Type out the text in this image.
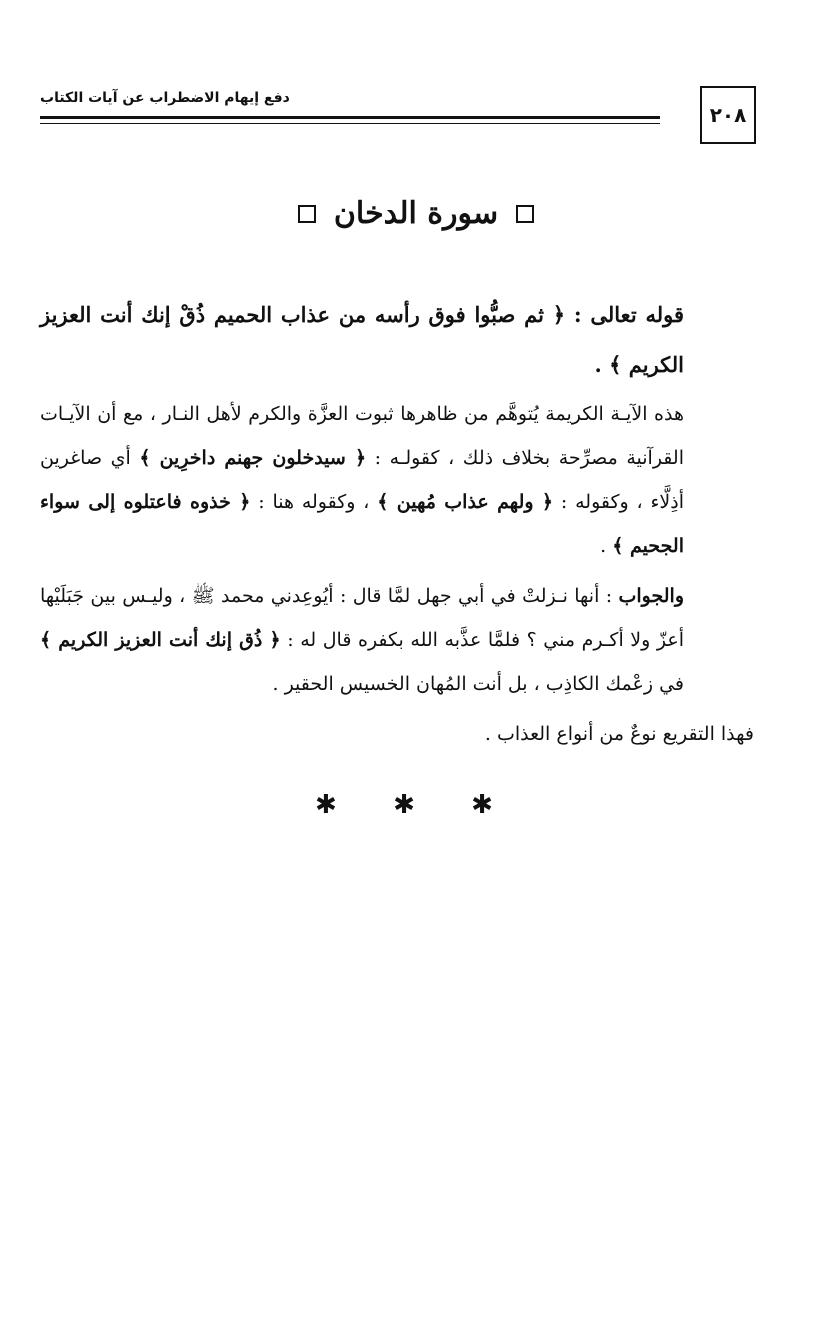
٢٠٨
دفع إيهام الاضطراب عن آيات الكتاب
سورة الدخان

قوله تعالى : ﴿ ثم صبُّوا فوق رأسه من عذاب الحميم ذُقْ إنك أنت العزيز الكريم ﴾ .

هذه الآيـة الكريمة يُتوهَّم من ظاهرها ثبوت العزَّة والكرم لأهل النـار ، مع أن الآيـات القرآنية مصرِّحة بخلاف ذلك ، كقولـه : ﴿ سيدخلون جهنم داخرِين ﴾ أي صاغرين أذِلَّاء ، وكقوله : ﴿ ولهم عذاب مُهين ﴾ ، وكقوله هنا : ﴿ خذوه فاعتلوه إلى سواء الجحيم ﴾ .

والجواب : أنها نـزلتْ في أبي جهل لمَّا قال : أيُوعِدني محمد ﷺ ، وليـس بين جَبَلَيْها أعزّ ولا أكـرم مني ؟ فلمَّا عذَّبه الله بكفره قال له : ﴿ ذُق إنك أنت العزيز الكريم ﴾ في زعْمك الكاذِب ، بل أنت المُهان الخسيس الحقير .

فهذا التقريع نوعٌ من أنواع العذاب .

✱ ✱ ✱
